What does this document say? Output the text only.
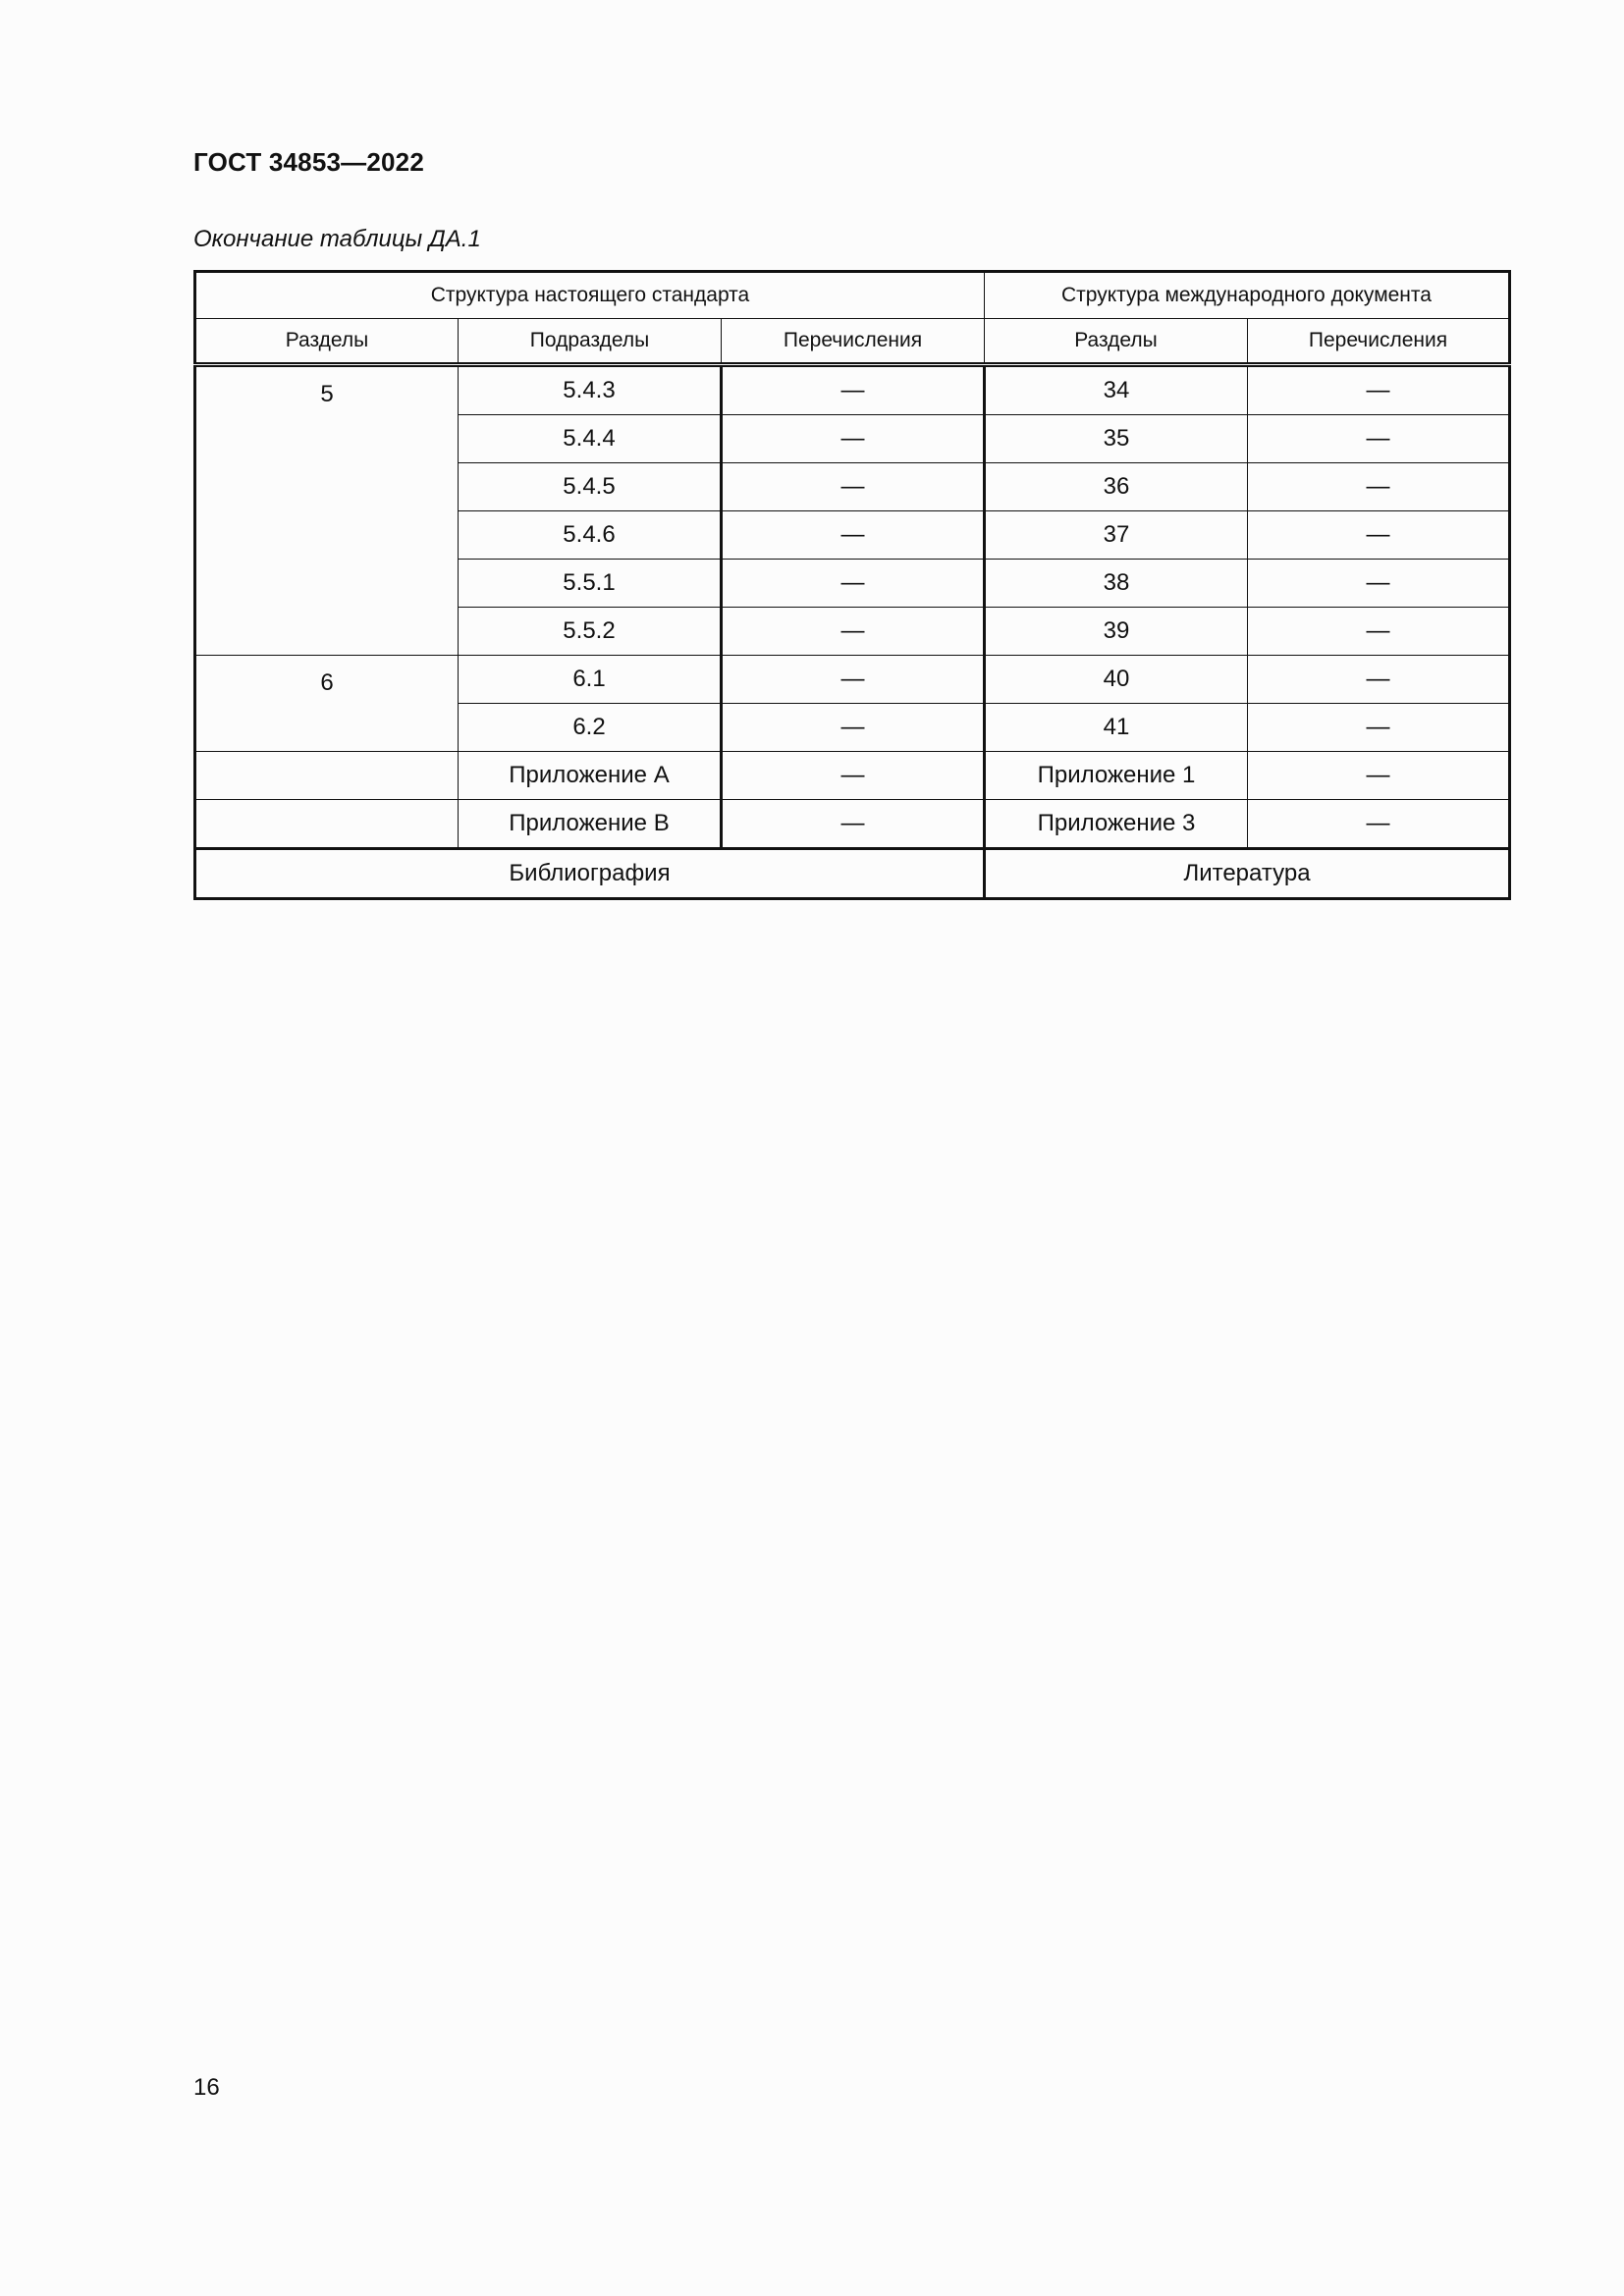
ГОСТ 34853—2022
Окончание таблицы ДА.1
Структура настоящего стандарта			Структура международного документа	
Разделы	Подразделы	Перечисления	Разделы	Перечисления
5	5.4.3	—	34	—
	5.4.4	—	35	—
	5.4.5	—	36	—
	5.4.6	—	37	—
	5.5.1	—	38	—
	5.5.2	—	39	—
6	6.1	—	40	—
	6.2	—	41	—
	Приложение А	—	Приложение 1	—
	Приложение В	—	Приложение 3	—
Библиография			Литература	
16
